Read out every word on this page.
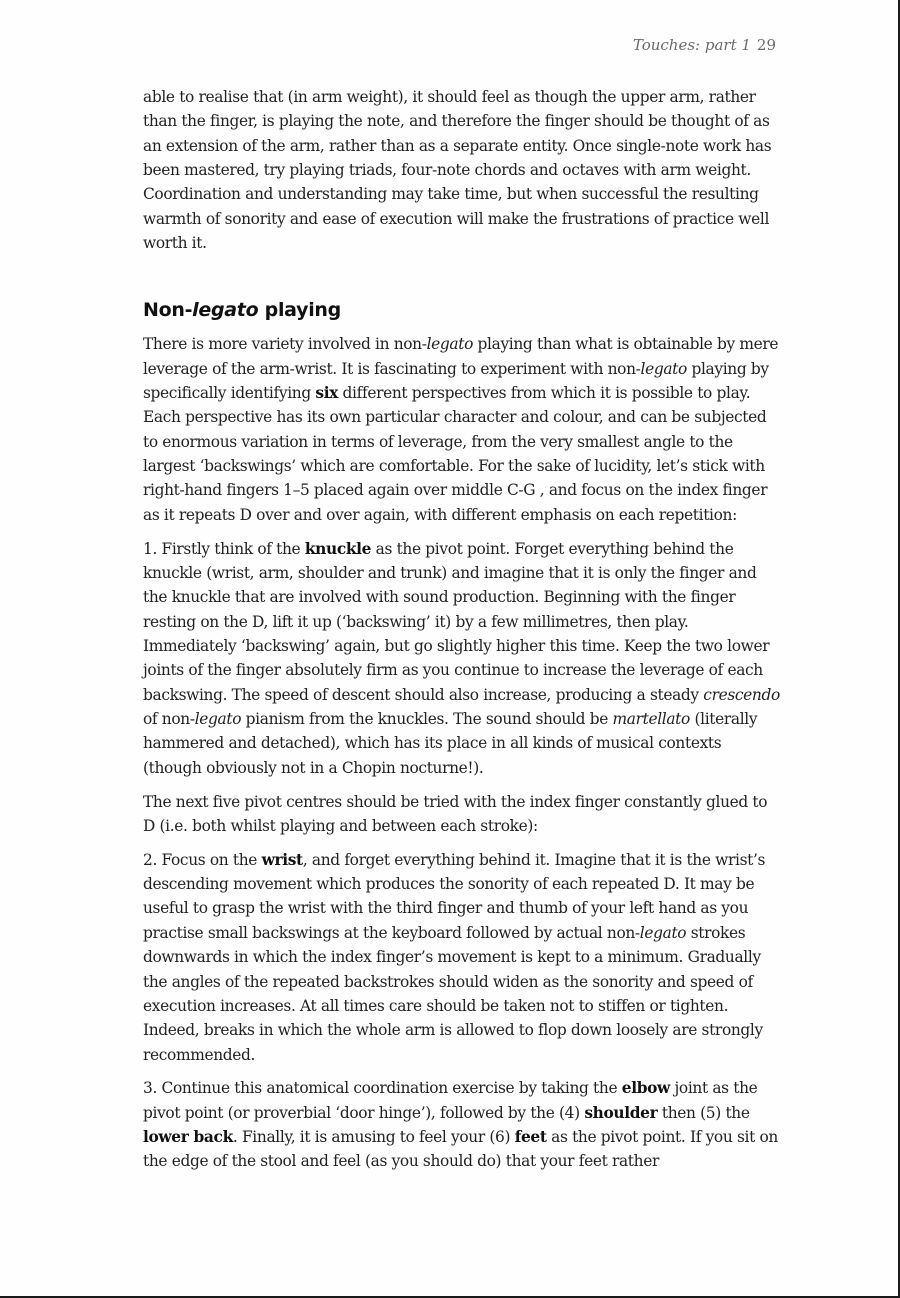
Touches: part 1 29

able to realise that (in arm weight), it should feel as though the upper arm, rather than the finger, is playing the note, and therefore the finger should be thought of as an extension of the arm, rather than as a separate entity. Once single-note work has been mastered, try playing triads, four-note chords and octaves with arm weight. Coordination and understanding may take time, but when successful the resulting warmth of sonority and ease of execution will make the frustrations of practice well worth it.

Non-legato playing

There is more variety involved in non-legato playing than what is obtainable by mere leverage of the arm-wrist. It is fascinating to experiment with non-legato playing by specifically identifying six different perspectives from which it is possible to play. Each perspective has its own particular character and colour, and can be subjected to enormous variation in terms of leverage, from the very smallest angle to the largest ‘backswings’ which are comfortable. For the sake of lucidity, let’s stick with right-hand fingers 1–5 placed again over middle C-G , and focus on the index finger as it repeats D over and over again, with different emphasis on each repetition:

1. Firstly think of the knuckle as the pivot point. Forget everything behind the knuckle (wrist, arm, shoulder and trunk) and imagine that it is only the finger and the knuckle that are involved with sound production. Beginning with the finger resting on the D, lift it up (‘backswing’ it) by a few millimetres, then play. Immediately ‘backswing’ again, but go slightly higher this time. Keep the two lower joints of the finger absolutely firm as you continue to increase the leverage of each backswing. The speed of descent should also increase, producing a steady crescendo of non-legato pianism from the knuckles. The sound should be martellato (literally hammered and detached), which has its place in all kinds of musical contexts (though obviously not in a Chopin nocturne!).

The next five pivot centres should be tried with the index finger constantly glued to D (i.e. both whilst playing and between each stroke):

2. Focus on the wrist, and forget everything behind it. Imagine that it is the wrist’s descending movement which produces the sonority of each repeated D. It may be useful to grasp the wrist with the third finger and thumb of your left hand as you practise small backswings at the keyboard followed by actual non-legato strokes downwards in which the index finger’s movement is kept to a minimum. Gradually the angles of the repeated backstrokes should widen as the sonority and speed of execution increases. At all times care should be taken not to stiffen or tighten. Indeed, breaks in which the whole arm is allowed to flop down loosely are strongly recommended.

3. Continue this anatomical coordination exercise by taking the elbow joint as the pivot point (or proverbial ‘door hinge’), followed by the (4) shoulder then (5) the lower back. Finally, it is amusing to feel your (6) feet as the pivot point. If you sit on the edge of the stool and feel (as you should do) that your feet rather
